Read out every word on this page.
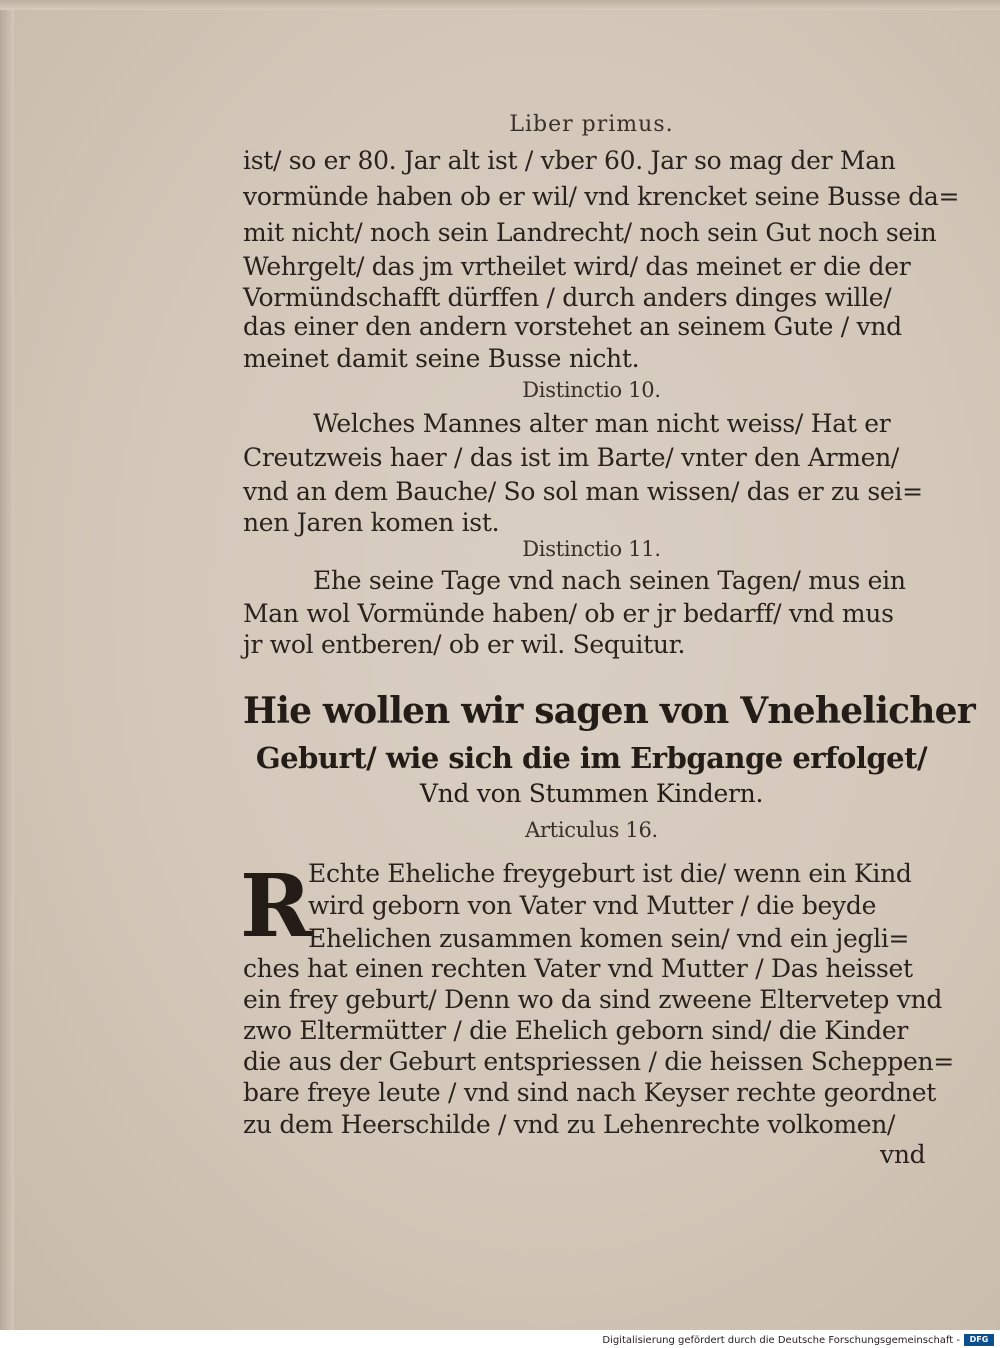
Liber primus.
ist/ so er 80. Jar alt ist / vber 60. Jar so mag der Man
vormünde haben ob er wil/ vnd krencket seine Busse da=
mit nicht/ noch sein Landrecht/ noch sein Gut noch sein
Wehrgelt/ das jm vrtheilet wird/ das meinet er die der
Vormündschafft dürffen / durch anders dinges wille/
das einer den andern vorstehet an seinem Gute / vnd
meinet damit seine Busse nicht.
Distinctio 10.
Welches Mannes alter man nicht weiss/ Hat er
Creutzweis haer / das ist im Barte/ vnter den Armen/
vnd an dem Bauche/ So sol man wissen/ das er zu sei=
nen Jaren komen ist.
Distinctio 11.
Ehe seine Tage vnd nach seinen Tagen/ mus ein
Man wol Vormünde haben/ ob er jr bedarff/ vnd mus
jr wol entberen/ ob er wil. Sequitur.
Hie wollen wir sagen von Vnehelicher
Geburt/ wie sich die im Erbgange erfolget/
Vnd von Stummen Kindern.
Articulus 16.
R
Echte Eheliche freygeburt ist die/ wenn ein Kind
wird geborn von Vater vnd Mutter / die beyde
Ehelichen zusammen komen sein/ vnd ein jegli=
ches hat einen rechten Vater vnd Mutter / Das heisset
ein frey geburt/ Denn wo da sind zweene Eltervetер vnd
zwo Eltermütter / die Ehelich geborn sind/ die Kinder
die aus der Geburt entspriessen / die heissen Scheppen=
bare freye leute / vnd sind nach Keyser rechte geordnet
zu dem Heerschilde / vnd zu Lehenrechte volkomen/
vnd
Digitalisierung gefördert durch die Deutsche Forschungsgemeinschaft -	DFG
